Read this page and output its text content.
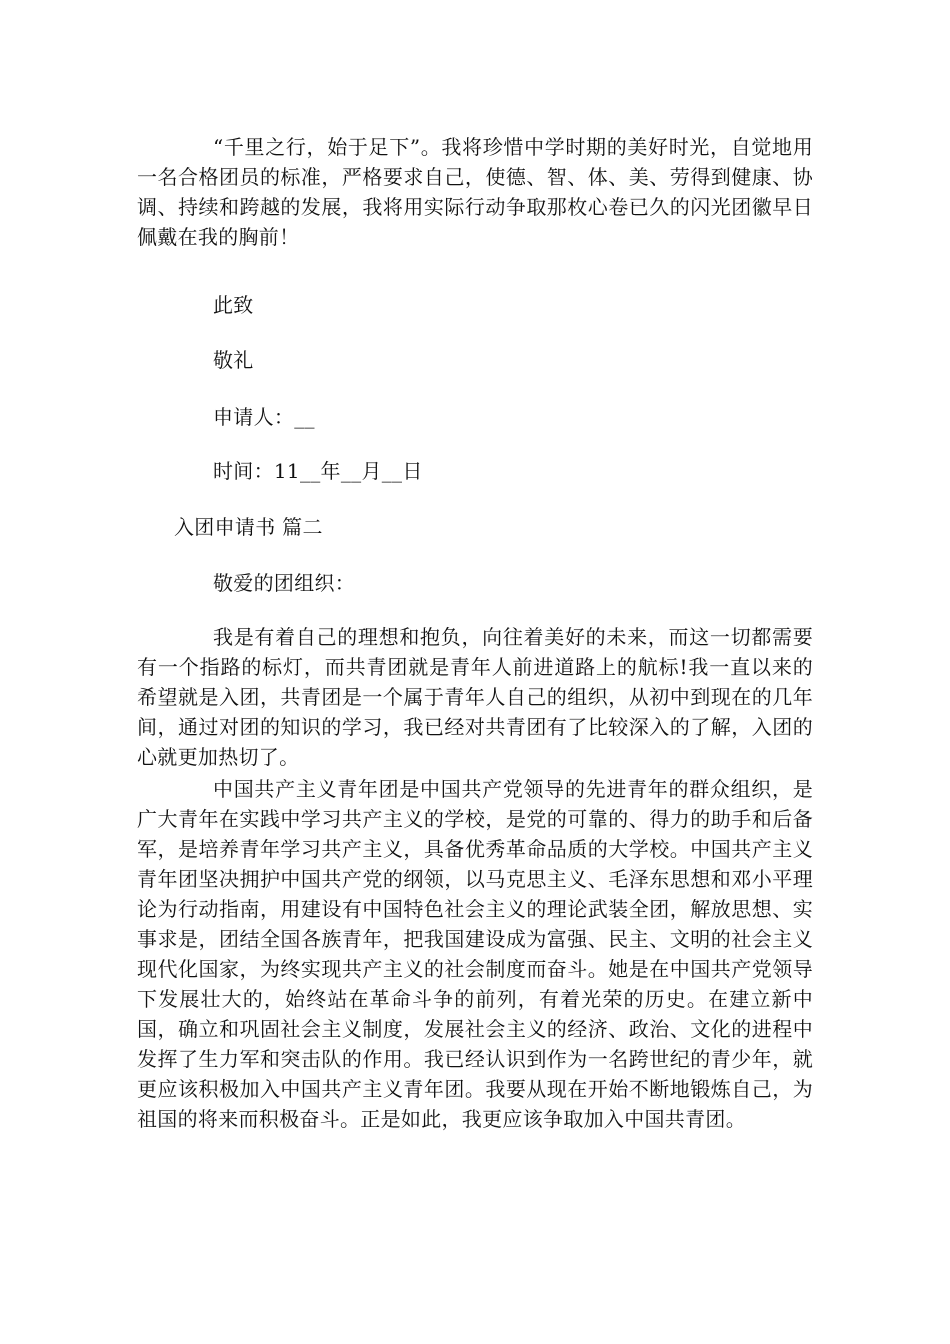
“千里之行，始于足下”。我将珍惜中学时期的美好时光，自觉地用一名合格团员的标准，严格要求自己，使德、智、体、美、劳得到健康、协调、持续和跨越的发展，我将用实际行动争取那枚心卷已久的闪光团徽早日佩戴在我的胸前！

此致

敬礼

申请人：__

时间：11__年__月__日

入团申请书 篇二

敬爱的团组织：

我是有着自己的理想和抱负，向往着美好的未来，而这一切都需要有一个指路的标灯，而共青团就是青年人前进道路上的航标!我一直以来的希望就是入团，共青团是一个属于青年人自己的组织，从初中到现在的几年间，通过对团的知识的学习，我已经对共青团有了比较深入的了解，入团的心就更加热切了。

中国共产主义青年团是中国共产党领导的先进青年的群众组织，是广大青年在实践中学习共产主义的学校，是党的可靠的、得力的助手和后备军，是培养青年学习共产主义，具备优秀革命品质的大学校。中国共产主义青年团坚决拥护中国共产党的纲领，以马克思主义、毛泽东思想和邓小平理论为行动指南，用建设有中国特色社会主义的理论武装全团，解放思想、实事求是，团结全国各族青年，把我国建设成为富强、民主、文明的社会主义现代化国家，为终实现共产主义的社会制度而奋斗。她是在中国共产党领导下发展壮大的，始终站在革命斗争的前列，有着光荣的历史。在建立新中国，确立和巩固社会主义制度，发展社会主义的经济、政治、文化的进程中发挥了生力军和突击队的作用。我已经认识到作为一名跨世纪的青少年，就更应该积极加入中国共产主义青年团。我要从现在开始不断地锻炼自己，为祖国的将来而积极奋斗。正是如此，我更应该争取加入中国共青团。
